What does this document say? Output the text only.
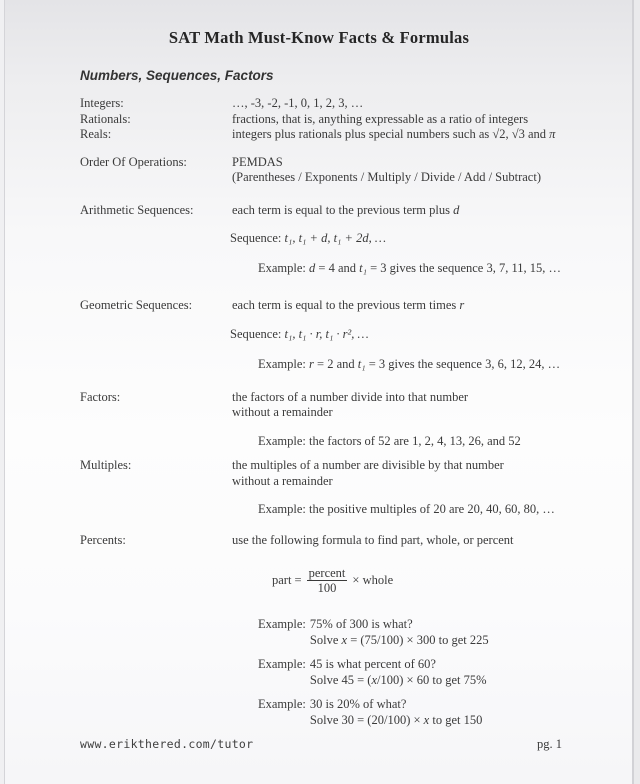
SAT Math Must-Know Facts & Formulas
Numbers, Sequences, Factors
Integers:	…, -3, -2, -1, 0, 1, 2, 3, …
Rationals:	fractions, that is, anything expressable as a ratio of integers
Reals:	integers plus rationals plus special numbers such as √2, √3 and π
Order Of Operations:	PEMDAS
(Parentheses / Exponents / Multiply / Divide / Add / Subtract)
Arithmetic Sequences:	each term is equal to the previous term plus d
Sequence: t₁, t₁ + d, t₁ + 2d, …
Example: d = 4 and t₁ = 3 gives the sequence 3, 7, 11, 15, …
Geometric Sequences:	each term is equal to the previous term times r
Sequence: t₁, t₁ · r, t₁ · r², …
Example: r = 2 and t₁ = 3 gives the sequence 3, 6, 12, 24, …
Factors:	the factors of a number divide into that number
without a remainder
Example: the factors of 52 are 1, 2, 4, 13, 26, and 52
Multiples:	the multiples of a number are divisible by that number
without a remainder
Example: the positive multiples of 20 are 20, 40, 60, 80, …
Percents:	use the following formula to find part, whole, or percent
part = $\frac{\text{percent}}{100}$ × whole
Example: 75% of 300 is what?
Solve x = (75/100) × 300 to get 225
Example: 45 is what percent of 60?
Solve 45 = (x/100) × 60 to get 75%
Example: 30 is 20% of what?
Solve 30 = (20/100) × x to get 150
www.erikthered.com/tutor	pg. 1
